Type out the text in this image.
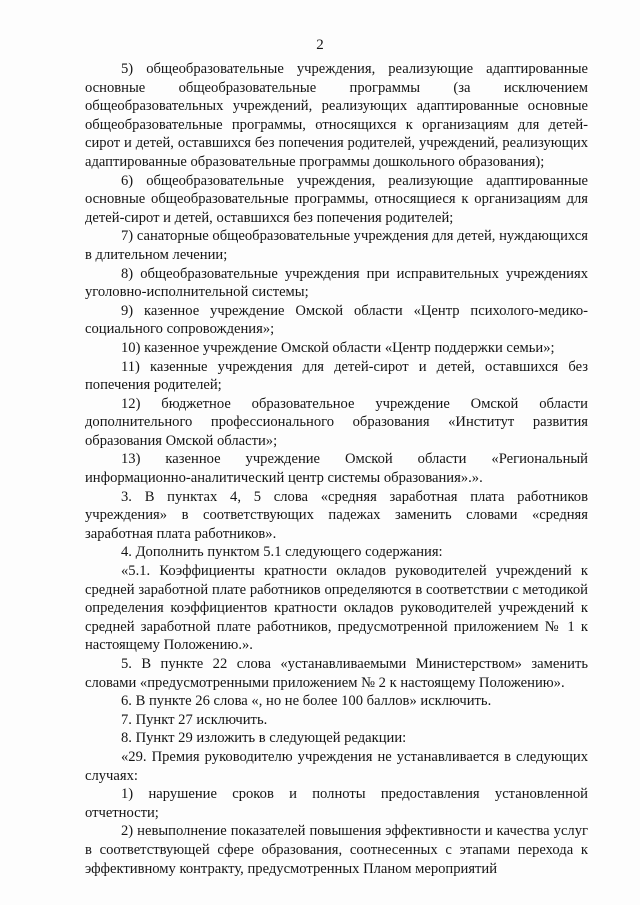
2

5) общеобразовательные учреждения, реализующие адаптированные основные общеобразовательные программы (за исключением общеобразовательных учреждений, реализующих адаптированные основные общеобразовательные программы, относящихся к организациям для детей-сирот и детей, оставшихся без попечения родителей, учреждений, реализующих адаптированные образовательные программы дошкольного образования);

6) общеобразовательные учреждения, реализующие адаптированные основные общеобразовательные программы, относящиеся к организациям для детей-сирот и детей, оставшихся без попечения родителей;

7) санаторные общеобразовательные учреждения для детей, нуждающихся в длительном лечении;

8) общеобразовательные учреждения при исправительных учреждениях уголовно-исполнительной системы;

9) казенное учреждение Омской области «Центр психолого-медико-социального сопровождения»;

10) казенное учреждение Омской области «Центр поддержки семьи»;

11) казенные учреждения для детей-сирот и детей, оставшихся без попечения родителей;

12) бюджетное образовательное учреждение Омской области дополнительного профессионального образования «Институт развития образования Омской области»;

13) казенное учреждение Омской области «Региональный информационно-аналитический центр системы образования».».

3. В пунктах 4, 5 слова «средняя заработная плата работников учреждения» в соответствующих падежах заменить словами «средняя заработная плата работников».

4. Дополнить пунктом 5.1 следующего содержания:

«5.1. Коэффициенты кратности окладов руководителей учреждений к средней заработной плате работников определяются в соответствии с методикой определения коэффициентов кратности окладов руководителей учреждений к средней заработной плате работников, предусмотренной приложением № 1 к настоящему Положению.».

5. В пункте 22 слова «устанавливаемыми Министерством» заменить словами «предусмотренными приложением № 2 к настоящему Положению».

6. В пункте 26 слова «, но не более 100 баллов» исключить.

7. Пункт 27 исключить.

8. Пункт 29 изложить в следующей редакции:

«29. Премия руководителю учреждения не устанавливается в следующих случаях:

1) нарушение сроков и полноты предоставления установленной отчетности;

2) невыполнение показателей повышения эффективности и качества услуг в соответствующей сфере образования, соотнесенных с этапами перехода к эффективному контракту, предусмотренных Планом мероприятий
